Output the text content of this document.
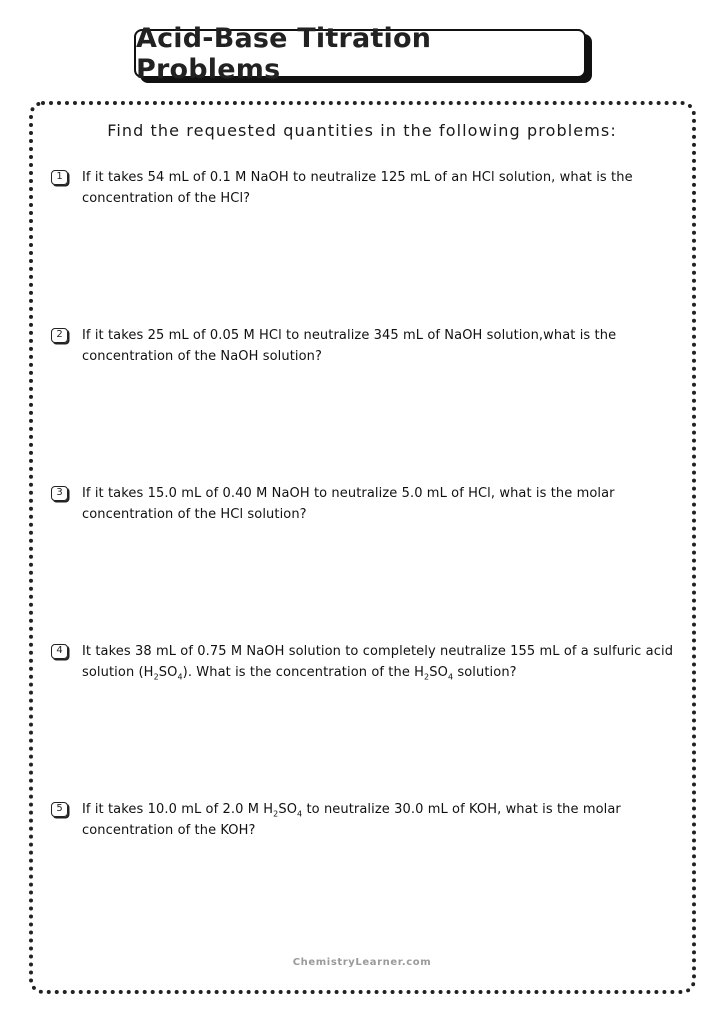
Acid-Base Titration Problems
Find the requested quantities in the following problems:
1	If it takes 54 mL of 0.1 M NaOH to neutralize 125 mL of an HCl solution, what is the concentration of the HCl?
2	If it takes 25 mL of 0.05 M HCl to neutralize 345 mL of NaOH solution,what is the concentration of the NaOH solution?
3	If it takes 15.0 mL of 0.40 M NaOH to neutralize 5.0 mL of HCl, what is the molar concentration of the HCl solution?
4	It takes 38 mL of 0.75 M NaOH solution to completely neutralize 155 mL of a sulfuric acid solution $(H_2SO_4)$. What is the concentration of the $H_2SO_4$ solution?
5	If it takes 10.0 mL of 2.0 M $H_2SO_4$ to neutralize 30.0 mL of KOH, what is the molar concentration of the KOH?
ChemistryLearner.com
